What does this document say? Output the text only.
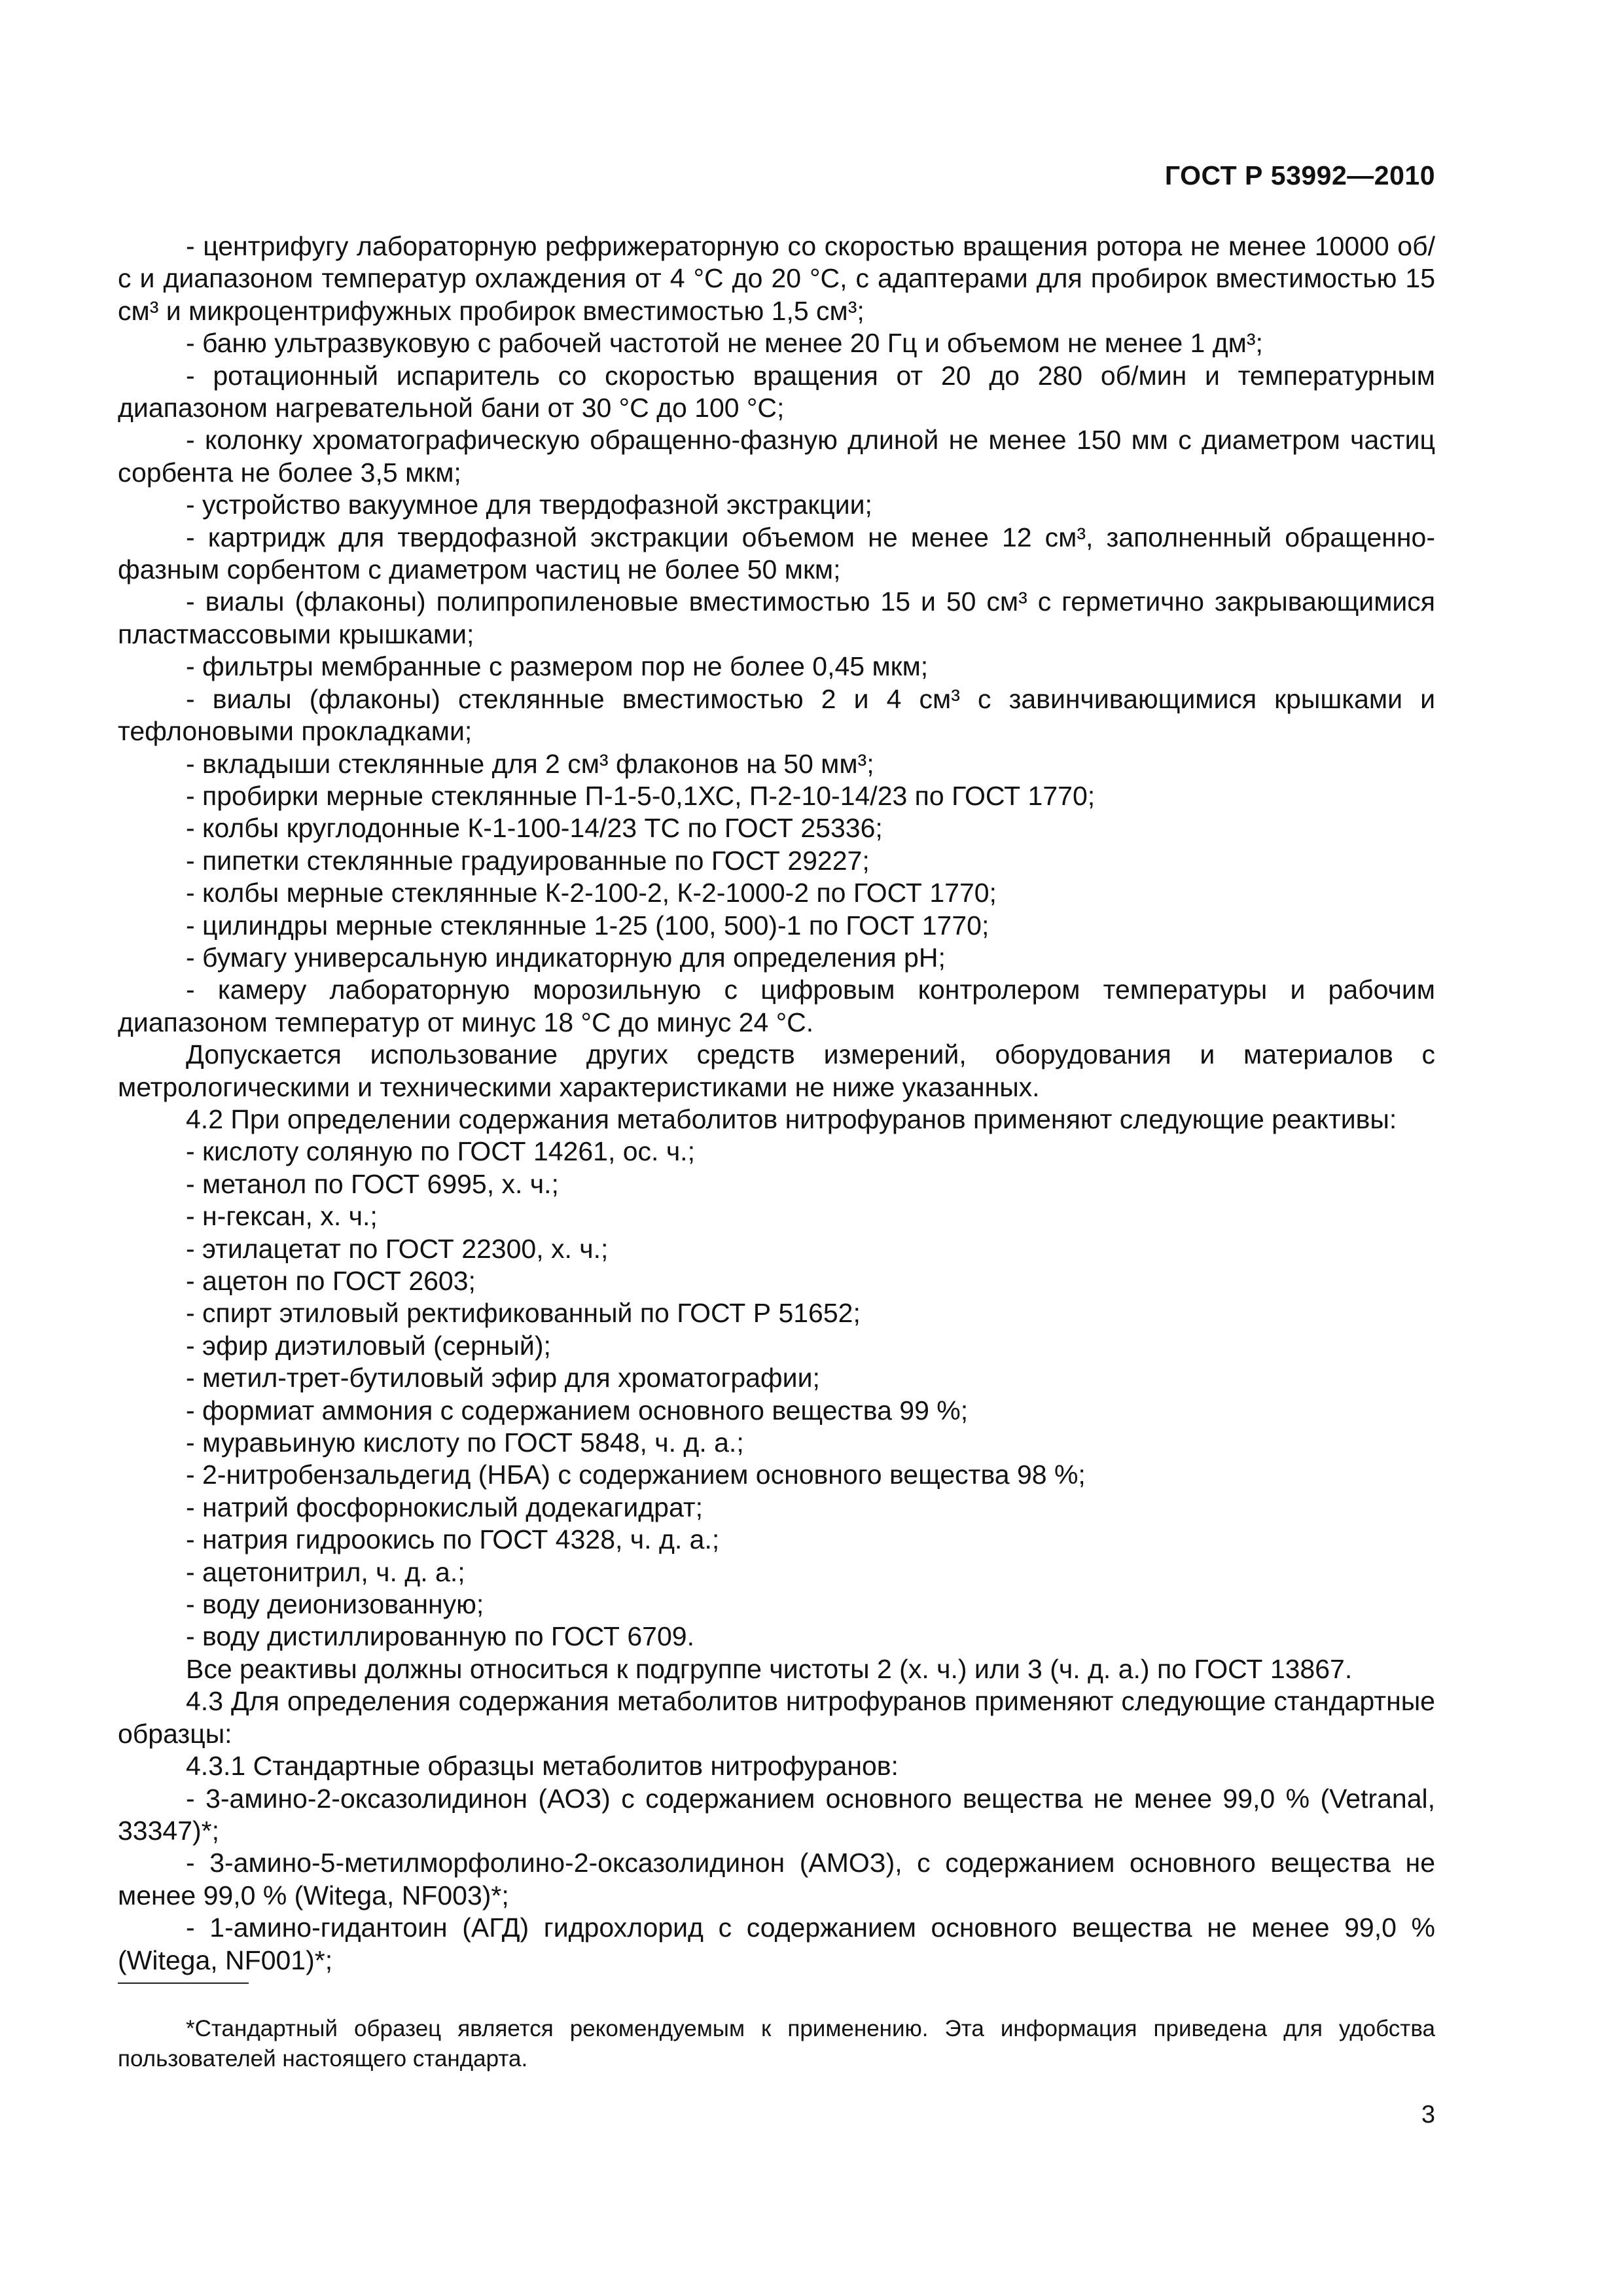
ГОСТ Р 53992—2010

- центрифугу лабораторную рефрижераторную со скоростью вращения ротора не менее 10000 об/с и диапазоном температур охлаждения от 4 °С до 20 °С, с адаптерами для пробирок вместимостью 15 см³ и микроцентрифужных пробирок вместимостью 1,5 см³;

- баню ультразвуковую с рабочей частотой не менее 20 Гц и объемом не менее 1 дм³;

- ротационный испаритель со скоростью вращения от 20 до 280 об/мин и температурным диапазоном нагревательной бани от 30 °С до 100 °С;

- колонку хроматографическую обращенно-фазную длиной не менее 150 мм с диаметром частиц сорбента не более 3,5 мкм;

- устройство вакуумное для твердофазной экстракции;

- картридж для твердофазной экстракции объемом не менее 12 см³, заполненный обращенно-фазным сорбентом с диаметром частиц не более 50 мкм;

- виалы (флаконы) полипропиленовые вместимостью 15 и 50 см³ с герметично закрывающимися пластмассовыми крышками;

- фильтры мембранные с размером пор не более 0,45 мкм;

- виалы (флаконы) стеклянные вместимостью 2 и 4 см³ с завинчивающимися крышками и тефлоновыми прокладками;

- вкладыши стеклянные для 2 см³ флаконов на 50 мм³;

- пробирки мерные стеклянные П-1-5-0,1ХС, П-2-10-14/23 по ГОСТ 1770;

- колбы круглодонные К-1-100-14/23 ТС по ГОСТ 25336;

- пипетки стеклянные градуированные по ГОСТ 29227;

- колбы мерные стеклянные К-2-100-2, К-2-1000-2 по ГОСТ 1770;

- цилиндры мерные стеклянные 1-25 (100, 500)-1 по ГОСТ 1770;

- бумагу универсальную индикаторную для определения pH;

- камеру лабораторную морозильную с цифровым контролером температуры и рабочим диапазоном температур от минус 18 °С до минус 24 °С.

Допускается использование других средств измерений, оборудования и материалов с метрологическими и техническими характеристиками не ниже указанных.

4.2 При определении содержания метаболитов нитрофуранов применяют следующие реактивы:

- кислоту соляную по ГОСТ 14261, ос. ч.;

- метанол по ГОСТ 6995, х. ч.;

- н-гексан, х. ч.;

- этилацетат по ГОСТ 22300, х. ч.;

- ацетон по ГОСТ 2603;

- спирт этиловый ректификованный по ГОСТ Р 51652;

- эфир диэтиловый (серный);

- метил-трет-бутиловый эфир для хроматографии;

- формиат аммония с содержанием основного вещества 99 %;

- муравьиную кислоту по ГОСТ 5848, ч. д. а.;

- 2-нитробензальдегид (НБА) с содержанием основного вещества 98 %;

- натрий фосфорнокислый додекагидрат;

- натрия гидроокись по ГОСТ 4328, ч. д. а.;

- ацетонитрил, ч. д. а.;

- воду деионизованную;

- воду дистиллированную по ГОСТ 6709.

Все реактивы должны относиться к подгруппе чистоты 2 (х. ч.) или 3 (ч. д. а.) по ГОСТ 13867.

4.3 Для определения содержания метаболитов нитрофуранов применяют следующие стандартные образцы:

4.3.1 Стандартные образцы метаболитов нитрофуранов:

- 3-амино-2-оксазолидинон (АОЗ) с содержанием основного вещества не менее 99,0 % (Vetranal, 33347)*;

- 3-амино-5-метилморфолино-2-оксазолидинон (АМОЗ), с содержанием основного вещества не менее 99,0 % (Witega, NF003)*;

- 1-амино-гидантоин (АГД) гидрохлорид с содержанием основного вещества не менее 99,0 % (Witega, NF001)*;

*Стандартный образец является рекомендуемым к применению. Эта информация приведена для удобства пользователей настоящего стандарта.

3
